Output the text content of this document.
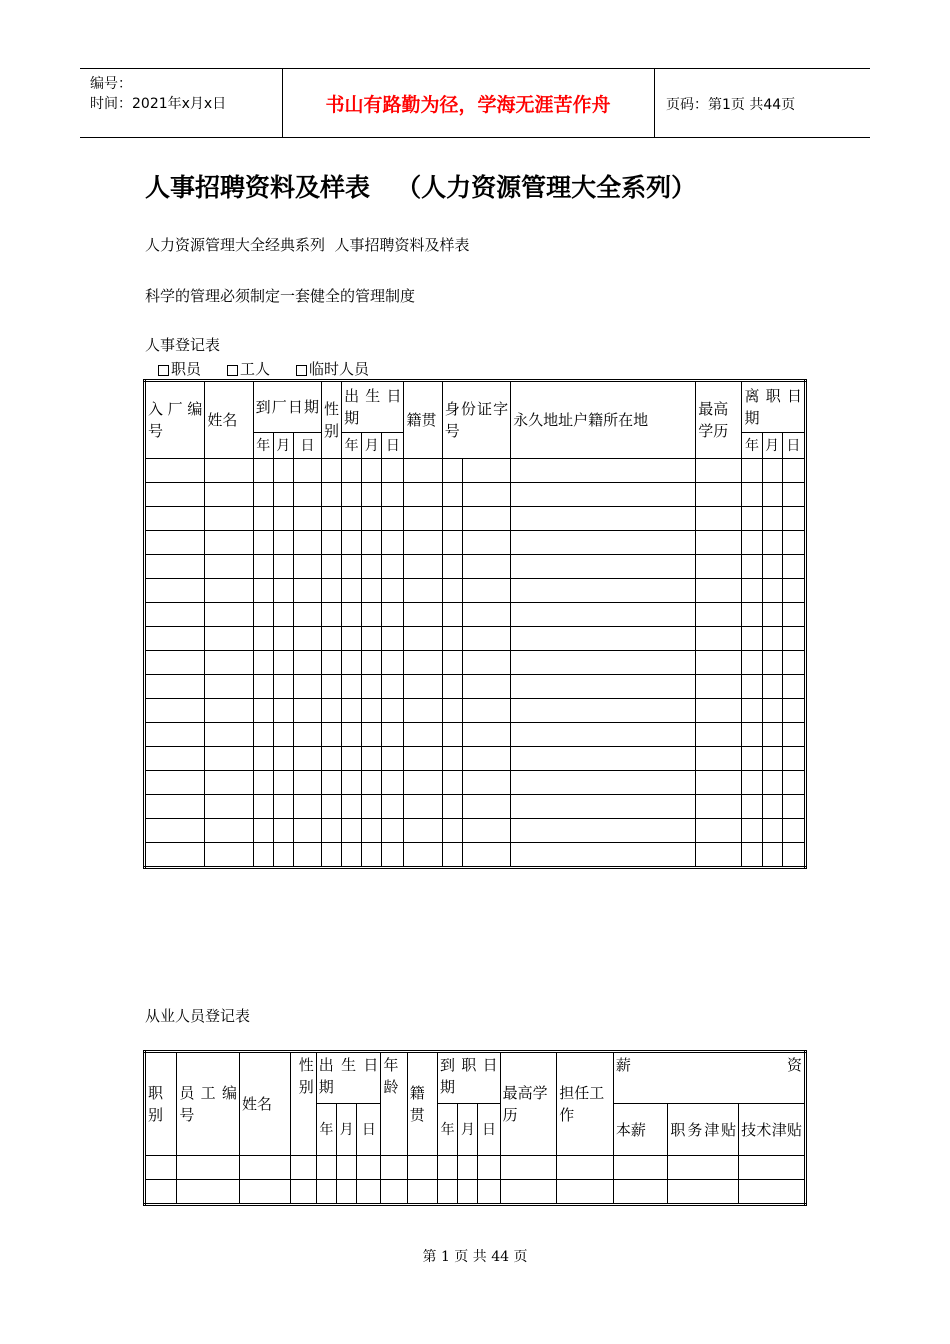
编号：
时间：2021年x月x日	书山有路勤为径，学海无涯苦作舟	页码：第1页 共44页
人事招聘资料及样表   （人力资源管理大全系列）
人力资源管理大全经典系列  人事招聘资料及样表
科学的管理必须制定一套健全的管理制度
人事登记表
职员	工人	临时人员
入厂编号	姓名	到厂日期			性别	出生日期			籍贯	身份证字号		永久地址户籍所在地	最高学历	离职日期		
		年	月	日		年	月	日						年	月	日

从业人员登记表
职别	员工编号	姓名	性别	出生日期			年龄	籍贯	到职日期			最高学历	担任工作	薪 资		

				年	月	日			年	月	日			本薪	职务津贴	技术津贴

第 1 页 共 44 页
